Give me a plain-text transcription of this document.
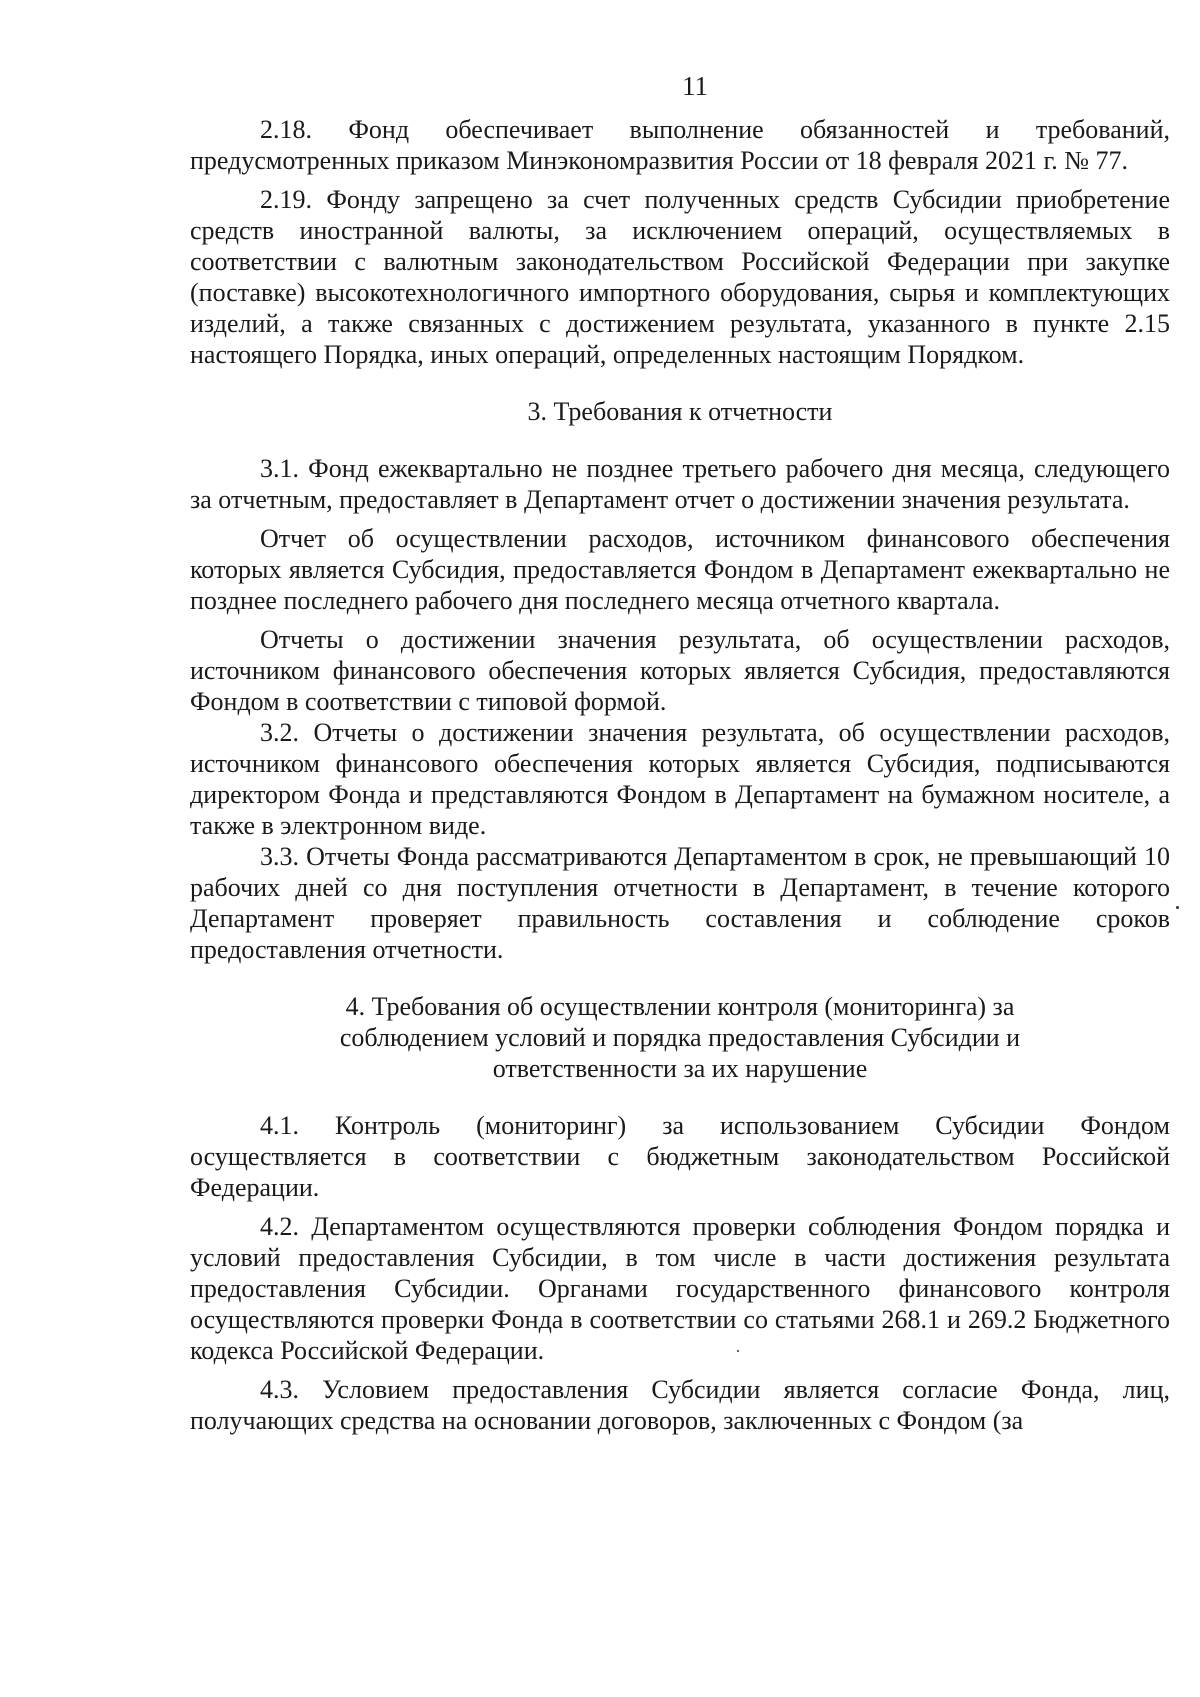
11

2.18. Фонд обеспечивает выполнение обязанностей и требований, предусмотренных приказом Минэкономразвития России от 18 февраля 2021 г. № 77.

2.19. Фонду запрещено за счет полученных средств Субсидии приобретение средств иностранной валюты, за исключением операций, осуществляемых в соответствии с валютным законодательством Российской Федерации при закупке (поставке) высокотехнологичного импортного оборудования, сырья и комплектующих изделий, а также связанных с достижением результата, указанного в пункте 2.15 настоящего Порядка, иных операций, определенных настоящим Порядком.

3. Требования к отчетности

3.1. Фонд ежеквартально не позднее третьего рабочего дня месяца, следующего за отчетным, предоставляет в Департамент отчет о достижении значения результата.

Отчет об осуществлении расходов, источником финансового обеспечения которых является Субсидия, предоставляется Фондом в Департамент ежеквартально не позднее последнего рабочего дня последнего месяца отчетного квартала.

Отчеты о достижении значения результата, об осуществлении расходов, источником финансового обеспечения которых является Субсидия, предоставляются Фондом в соответствии с типовой формой.

3.2. Отчеты о достижении значения результата, об осуществлении расходов, источником финансового обеспечения которых является Субсидия, подписываются директором Фонда и представляются Фондом в Департамент на бумажном носителе, а также в электронном виде.

3.3. Отчеты Фонда рассматриваются Департаментом в срок, не превышающий 10 рабочих дней со дня поступления отчетности в Департамент, в течение которого Департамент проверяет правильность составления и соблюдение сроков предоставления отчетности.

4. Требования об осуществлении контроля (мониторинга) за
соблюдением условий и порядка предоставления Субсидии и
ответственности за их нарушение

4.1. Контроль (мониторинг) за использованием Субсидии Фондом осуществляется в соответствии с бюджетным законодательством Российской Федерации.

4.2. Департаментом осуществляются проверки соблюдения Фондом порядка и условий предоставления Субсидии, в том числе в части достижения результата предоставления Субсидии. Органами государственного финансового контроля осуществляются проверки Фонда в соответствии со статьями 268.1 и 269.2 Бюджетного кодекса Российской Федерации.

4.3. Условием предоставления Субсидии является согласие Фонда, лиц, получающих средства на основании договоров, заключенных с Фондом (за
